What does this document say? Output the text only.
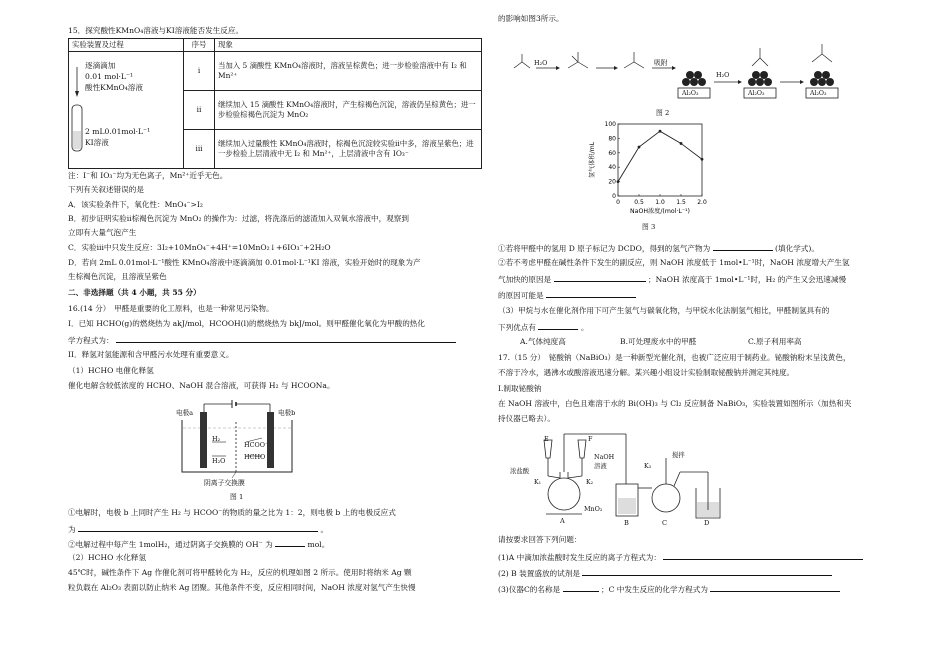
15．探究酸性KMnO₄溶液与KI溶液能否发生反应。
实验装置及过程	序号	现象

逐滴滴加
0.01 mol·L⁻¹
酸性KMnO₄溶液
2 mL0.01mol·L⁻¹
KI溶液	i	当加入 5 滴酸性 KMnO₄溶液时，溶液呈棕黄色；进一步检验溶液中有 I₂ 和 Mn²⁺
	ii	继续加入 15 滴酸性 KMnO₄溶液时，产生棕褐色沉淀，溶液仍呈棕黄色；进一步检验棕褐色沉淀为 MnO₂
	iii	继续加入过量酸性 KMnO₄溶液时，棕褐色沉淀较实验ii中多，溶液呈紫色；进一步检验上层清液中无 I₂ 和 Mn²⁺，上层清液中含有 IO₃⁻
注：I⁻和 IO₃⁻均为无色离子，Mn²⁺近乎无色。
下列有关叙述错误的是
A．该实验条件下，氧化性：MnO₄⁻>I₂
B．初步证明实验ii棕褐色沉淀为 MnO₂ 的操作为：过滤，将洗涤后的滤渣加入双氧水溶液中，观察到
立即有大量气泡产生
C．实验iii中只发生反应：3I₂+10MnO₄⁻+4H⁺=10MnO₂↓+6IO₃⁻+2H₂O
D．若向 2mL 0.01mol·L⁻¹酸性 KMnO₄溶液中逐滴滴加 0.01mol·L⁻¹KI 溶液，实验开始时的现象为产
生棕褐色沉淀，且溶液呈紫色
二、非选择题（共 4 小题，共 55 分）
16.(14 分）　甲醛是重要的化工原料，也是一种常见污染物。
I．已知 HCHO(g)的燃烧热为 akJ/mol，HCOOH(l)的燃烧热为 bkJ/mol。则甲醛催化氧化为甲酸的热化
学方程式为：
II．释氢对氢能源和含甲醛污水处理有重要意义。
（1）HCHO 电催化释氢
催化电解含较低浓度的 HCHO、NaOH 混合溶液，可获得 H₂ 与 HCOONa。
电极a	电极b
H₂
H₂O
HCOO⁻
HCHO
阴离子交换膜
图 1
①电解时，电极 b 上同时产生 H₂ 与 HCOO⁻的物质的量之比为 1：2，则电极 b 上的电极反应式
为	。
②电解过程中每产生 1molH₂，通过阴离子交换膜的 OH⁻ 为	mol。
（2）HCHO 水化释氢
45℃时，碱性条件下 Ag 作催化剂可将甲醛转化为 H₂，反应的机理如图 2 所示。使用时将纳米 Ag 颗
粒负载在 Al₂O₃ 表面以防止纳米 Ag 团聚。其他条件不变，反应相同时间，NaOH 浓度对氢气产生快慢
的影响如图3所示。
H₂O	吸附
H₂O
Al₂O₃	Al₂O₃	Al₂O₃
图 2
0 0.5 1.0 1.5 2.0
0
20
40
60
80
100
NaOH浓度/(mol·L⁻¹)
氢气体积/mL
图 3
①若将甲醛中的氢用 D 原子标记为 DCDO，得到的氢气产物为	(填化学式)。
②若不考虑甲醛在碱性条件下发生的副反应，则 NaOH 浓度低于 1mol•L⁻¹时，NaOH 浓度增大产生氢
气加快的原因是	；NaOH 浓度高于 1mol•L⁻¹时，H₂ 的产生又会迅速减慢
的原因可能是
（3）甲烷与水在催化剂作用下可产生氢气与碳氧化物，与甲烷水化法制氢气相比，甲醛制氢具有的
下列优点有	。
A.气体纯度高	B.可处理废水中的甲醛	C.原子利用率高
17.（15 分）　铋酸钠（NaBiO₃）是一种新型光催化剂，也被广泛应用于制药业。铋酸钠粉末呈浅黄色，
不溶于冷水，遇沸水或酸溶液迅速分解。某兴趣小组设计实验制取铋酸钠并测定其纯度。
I.制取铋酸钠
在 NaOH 溶液中，白色且难溶于水的 Bi(OH)₃ 与 Cl₂ 反应制备 NaBiO₃，实验装置如图所示（加热和夹
持仪器已略去）。
浓盐酸
E	F
NaOH
溶液
K₁	K₂
K₃
搅拌
MnO₂
A	B	C	D
请按要求回答下列问题：
(1)A 中滴加浓盐酸时发生反应的离子方程式为：
(2) B 装置盛放的试剂是
(3)仪器C的名称是	；C 中发生反应的化学方程式为
